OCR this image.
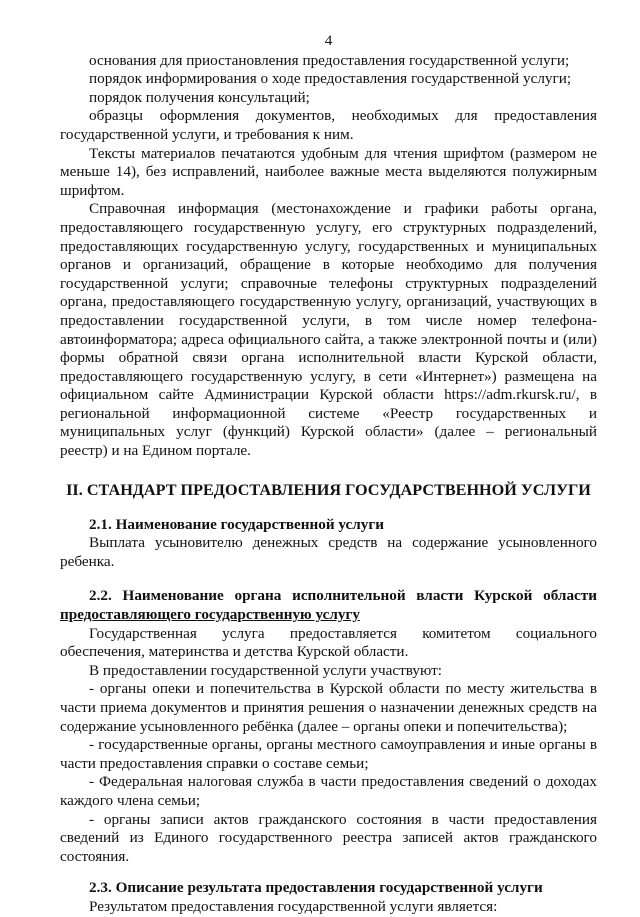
4

основания для приостановления предоставления государственной услуги;

порядок информирования о ходе предоставления государственной услуги;

порядок получения консультаций;

образцы оформления документов, необходимых для предоставления государственной услуги, и требования к ним.

Тексты материалов печатаются удобным для чтения шрифтом (размером не меньше 14), без исправлений, наиболее важные места выделяются полужирным шрифтом.

Справочная информация (местонахождение и графики работы органа, предоставляющего государственную услугу, его структурных подразделений, предоставляющих государственную услугу, государственных и муниципальных органов и организаций, обращение в которые необходимо для получения государственной услуги; справочные телефоны структурных подразделений органа, предоставляющего государственную услугу, организаций, участвующих в предоставлении государственной услуги, в том числе номер телефона-автоинформатора; адреса официального сайта, а также электронной почты и (или) формы обратной связи органа исполнительной власти Курской области, предоставляющего государственную услугу, в сети «Интернет») размещена на официальном сайте Администрации Курской области https://adm.rkursk.ru/, в региональной информационной системе «Реестр государственных и муниципальных услуг (функций) Курской области» (далее – региональный реестр) и на Едином портале.

II. СТАНДАРТ ПРЕДОСТАВЛЕНИЯ ГОСУДАРСТВЕННОЙ УСЛУГИ

2.1. Наименование государственной услуги

Выплата усыновителю денежных средств на содержание усыновленного ребенка.

2.2. Наименование органа исполнительной власти Курской области предоставляющего государственную услугу

Государственная услуга предоставляется комитетом социального обеспечения, материнства и детства Курской области.

В предоставлении государственной услуги участвуют:

- органы опеки и попечительства в Курской области по месту жительства в части приема документов и принятия решения о назначении денежных средств на содержание усыновленного ребёнка (далее – органы опеки и попечительства);

- государственные органы, органы местного самоуправления и иные органы в части предоставления справки о составе семьи;

- Федеральная налоговая служба в части предоставления сведений о доходах каждого члена семьи;

- органы записи актов гражданского состояния в части предоставления сведений из Единого государственного реестра записей актов гражданского состояния.

2.3. Описание результата предоставления государственной услуги

Результатом предоставления государственной услуги является:
